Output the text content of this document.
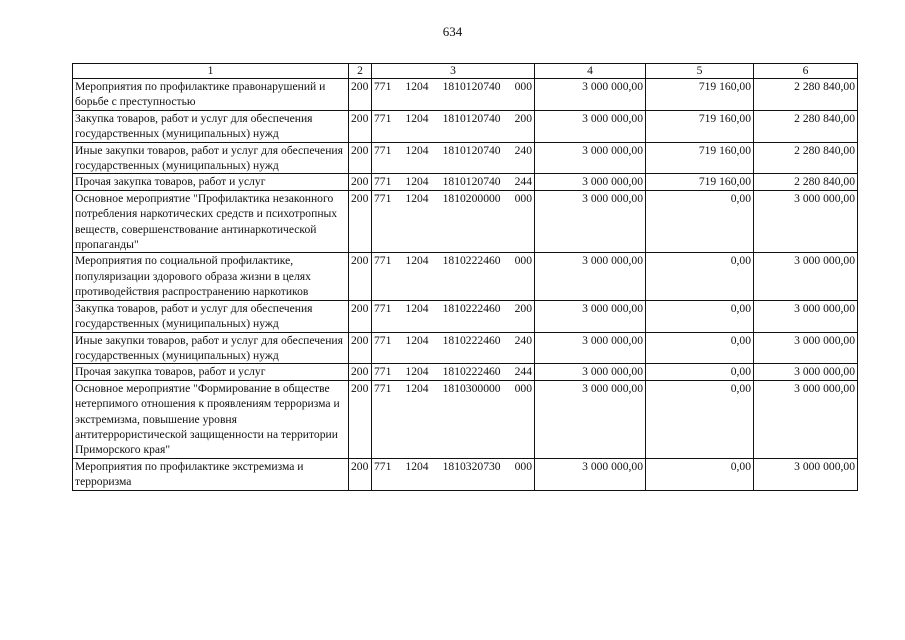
634
1	2	3	4	5	6
Мероприятия по профилактике правонарушений и борьбе с преступностью	200	771 1204 1810120740 000	3 000 000,00	719 160,00	2 280 840,00
Закупка товаров, работ и услуг для обеспечения государственных (муниципальных) нужд	200	771 1204 1810120740 200	3 000 000,00	719 160,00	2 280 840,00
Иные закупки товаров, работ и услуг для обеспечения государственных (муниципальных) нужд	200	771 1204 1810120740 240	3 000 000,00	719 160,00	2 280 840,00
Прочая закупка товаров, работ и услуг	200	771 1204 1810120740 244	3 000 000,00	719 160,00	2 280 840,00
Основное мероприятие "Профилактика незаконного потребления наркотических средств и психотропных веществ, совершенствование антинаркотической пропаганды"	200	771 1204 1810200000 000	3 000 000,00	0,00	3 000 000,00
Мероприятия по социальной профилактике, популяризации здорового образа жизни в целях противодействия распространению наркотиков	200	771 1204 1810222460 000	3 000 000,00	0,00	3 000 000,00
Закупка товаров, работ и услуг для обеспечения государственных (муниципальных) нужд	200	771 1204 1810222460 200	3 000 000,00	0,00	3 000 000,00
Иные закупки товаров, работ и услуг для обеспечения государственных (муниципальных) нужд	200	771 1204 1810222460 240	3 000 000,00	0,00	3 000 000,00
Прочая закупка товаров, работ и услуг	200	771 1204 1810222460 244	3 000 000,00	0,00	3 000 000,00
Основное мероприятие "Формирование в обществе нетерпимого отношения к проявлениям терроризма и экстремизма, повышение уровня антитеррористической защищенности на территории Приморского края"	200	771 1204 1810300000 000	3 000 000,00	0,00	3 000 000,00
Мероприятия по профилактике экстремизма и терроризма	200	771 1204 1810320730 000	3 000 000,00	0,00	3 000 000,00
